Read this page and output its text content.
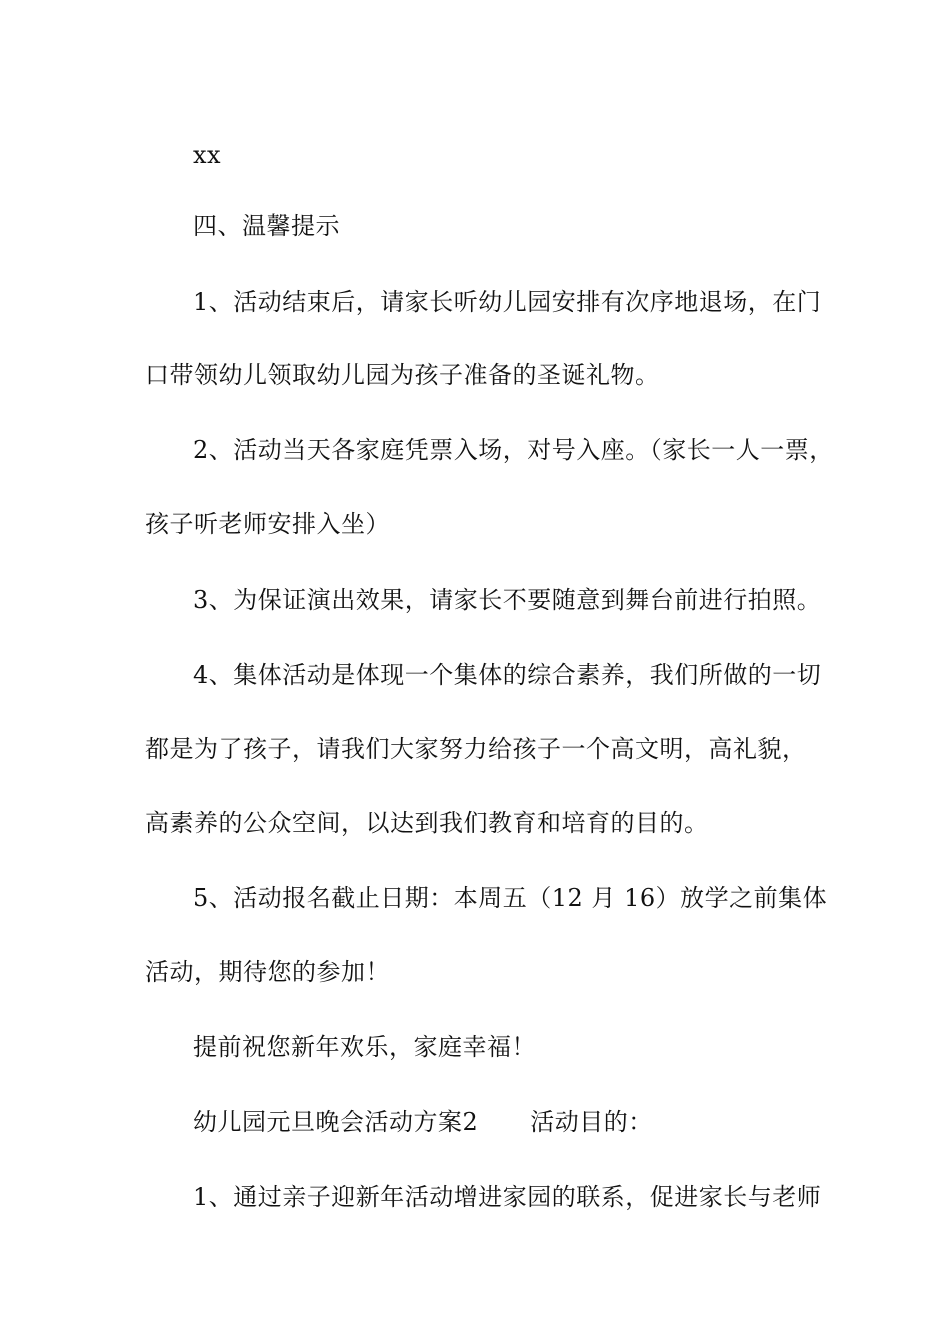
xx
四、温馨提示
1、活动结束后，请家长听幼儿园安排有次序地退场，在门
口带领幼儿领取幼儿园为孩子准备的圣诞礼物。
2、活动当天各家庭凭票入场，对号入座。（家长一人一票，
孩子听老师安排入坐）
3、为保证演出效果，请家长不要随意到舞台前进行拍照。
4、集体活动是体现一个集体的综合素养，我们所做的一切
都是为了孩子，请我们大家努力给孩子一个高文明，高礼貌，
高素养的公众空间，以达到我们教育和培育的目的。
5、活动报名截止日期：本周五（12 月 16）放学之前集体
活动，期待您的参加！
提前祝您新年欢乐，家庭幸福！
幼儿园元旦晚会活动方案2 活动目的：
1、通过亲子迎新年活动增进家园的联系，促进家长与老师
